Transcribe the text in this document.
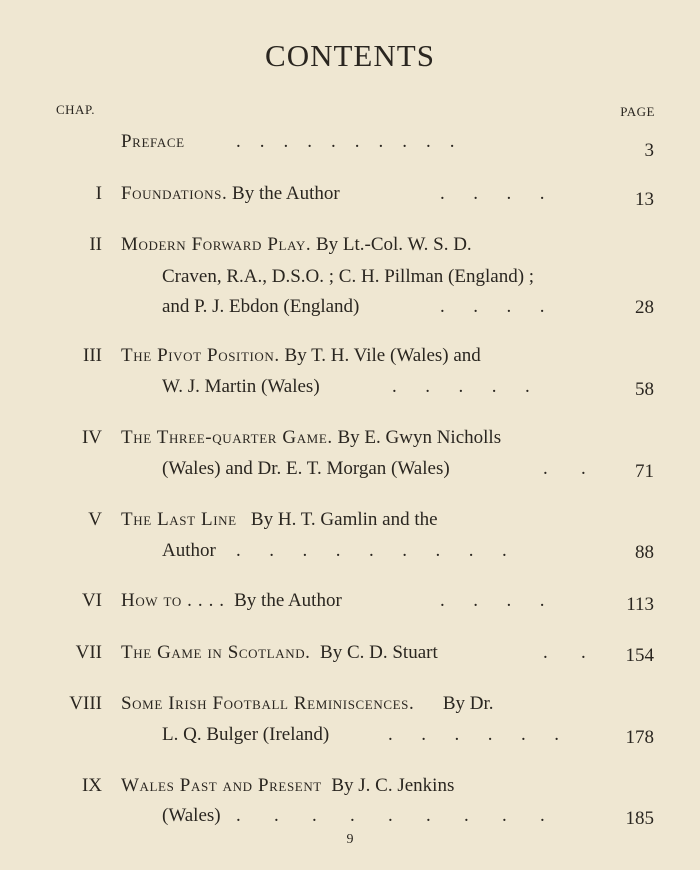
CONTENTS
CHAP.	PAGE
Preface	.    .    .    .    .    .    .    .    .    .	3
I Foundations. By the Author	.      .      .      .	13
II Modern Forward Play. By Lt.-Col. W. S. D.
Craven, R.A., D.S.O. ; C. H. Pillman (England) ;
and P. J. Ebdon (England)	.      .      .      .	28
III The Pivot Position. By T. H. Vile (Wales) and
W. J. Martin (Wales)	.      .      .      .      .	58
IV The Three-quarter Game. By E. Gwyn Nicholls
(Wales) and Dr. E. T. Morgan (Wales)	.       .	71
V The Last Line By H. T. Gamlin and the
Author .      .      .      .      .      .      .      .      .	88
VI How to . . . . By the Author	.      .      .      .	113
VII The Game in Scotland. By C. D. Stuart	.       . 154
VIII Some Irish Football Reminiscences. By Dr.
L. Q. Bulger (Ireland)	.      .      .      .      .      .	178
IX Wales Past and Present By J. C. Jenkins
(Wales) .       .       .       .       .       .       .       .       .	185
9
